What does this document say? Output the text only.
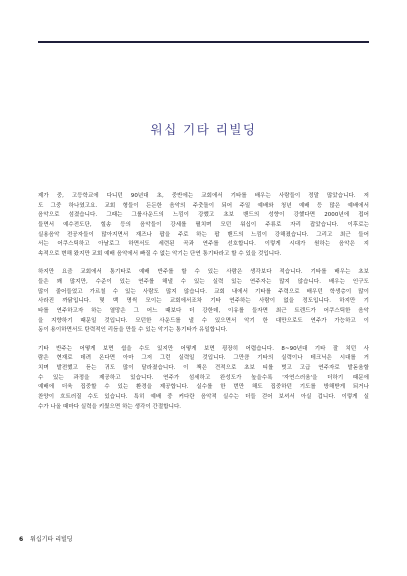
워십 기타 리빌딩
제가 중, 고등학교에 다니던 90년대 초, 중반에는 교회에서 기타를 배우는 사람들이 정말 많았습니다. 저
도 그중 하나였고요. 교회 형들이 든든한 음악의 주춧돌이 되어 주일 예배와 청년 예배 등 많은 예배에서
음악으로 섬겼습니다. 그때는 그룹사운드의 느낌이 강했고 초보 밴드의 성향이 강했다면 2000년에 접어
들면서 예수전도단, 힐송 등의 음악들이 강세를 펼치며 모던 워십이 주류로 자리 잡았습니다. 이후로는
실용음악 전공자들이 많아지면서 재즈나 팝을 주로 하는 팝 밴드의 느낌이 강해졌습니다. 그리고 최근 들어
서는 어쿠스틱하고 아날로그 하면서도 세련된 곡과 연주를 선호합니다. 이렇게 시대가 원하는 음악은 지
속적으로 변해 왔지만 교회 예배 음악에서 빠질 수 없는 악기는 단연 통기타라고 할 수 있을 것입니다.
하지만 요즘 교회에서 통기타로 예배 반주를 할 수 있는 사람은 생각보다 적습니다. 기타를 배우는 초보
들은 꽤 많지만, 수준이 있는 연주를 해낼 수 있는 실력 있는 연주자는 많지 않습니다. 배우는 인구도
많이 줄어들었고 가르칠 수 있는 사람도 많지 않습니다. 교회 내에서 기타를 주력으로 배우던 학생층이 많이
사라진 까닭입니다. 몇 백 명씩 모이는 교회에서조차 기타 연주하는 사람이 없을 정도입니다. 하지만 기
타를 연주하고자 하는 열망은 그 어느 때보다 더 강한데, 이유를 들자면 최근 트렌드가 어쿠스틱한 음악
을 지향하기 때문일 것입니다. 모던한 사운드를 낼 수 있으면서 악기 한 대만으로도 연주가 가능하고 이
동이 용이하면서도 탄력적인 리듬을 만들 수 있는 악기는 통기타가 유일합니다.
기타 반주는 어떻게 보면 쉽을 수도 있지만 어떻게 보면 굉장히 어렵습니다. 8~90년대 기타 잘 치던 사
람은 현재로 데려 온다면 아마 그저 그런 실력일 것입니다. 그만큼 기타의 실력이나 테크닉은 시대를 거
치며 발전했고 듣는 귀도 많이 달라졌습니다. 이 책은 견적으로 초보 티를 벗고 고급 연주자로 발돋움할
수 있는 과정을 제공하고 있습니다. 연주가 섬세하고 완성도가 높을수록 '자연스러움'을 더하기 때문에
예배에 더욱 집중할 수 있는 환경을 제공합니다. 실수를 한 번만 해도 집중하던 기도를 방해받게 되거나
찬양이 흐트러질 수도 있습니다. 특히 예배 중 커다란 음악적 실수는 더들 걷어 보셔서 아실 겁니다. 이렇게 실
수가 나올 때마다 실력을 키웠으면 하는 생각이 간절합니다.
6 워십기타 리빌딩
